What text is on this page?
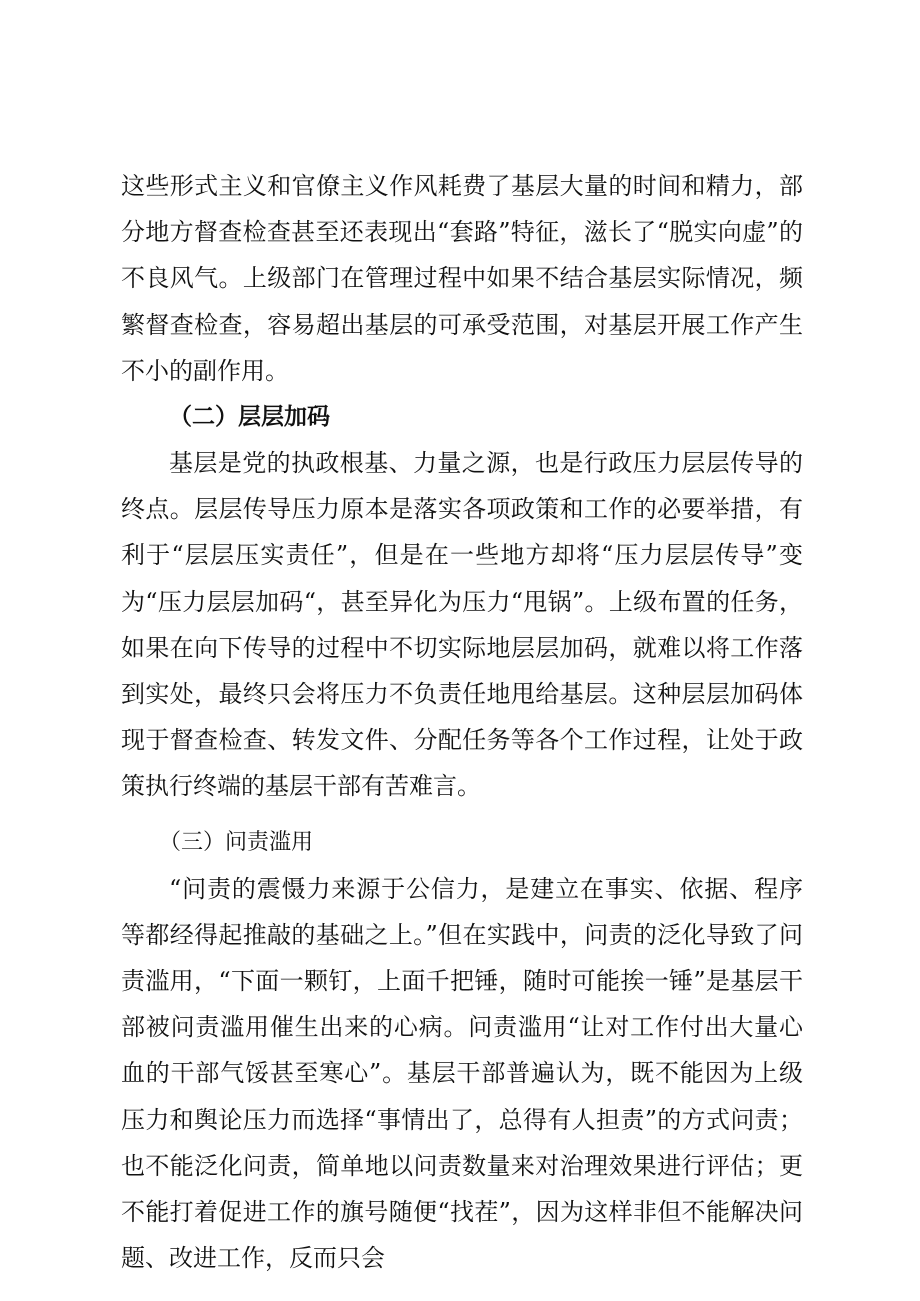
这些形式主义和官僚主义作风耗费了基层大量的时间和精力，部分地方督查检查甚至还表现出“套路”特征，滋长了“脱实向虚”的不良风气。上级部门在管理过程中如果不结合基层实际情况，频繁督查检查，容易超出基层的可承受范围，对基层开展工作产生不小的副作用。

（二）层层加码

基层是党的执政根基、力量之源，也是行政压力层层传导的终点。层层传导压力原本是落实各项政策和工作的必要举措，有利于“层层压实责任”，但是在一些地方却将“压力层层传导”变为“压力层层加码“，甚至异化为压力“甩锅”。上级布置的任务，如果在向下传导的过程中不切实际地层层加码，就难以将工作落到实处，最终只会将压力不负责任地甩给基层。这种层层加码体现于督查检查、转发文件、分配任务等各个工作过程，让处于政策执行终端的基层干部有苦难言。

（三）问责滥用

“问责的震慑力来源于公信力，是建立在事实、依据、程序等都经得起推敲的基础之上。”但在实践中，问责的泛化导致了问责滥用，“下面一颗钉，上面千把锤，随时可能挨一锤”是基层干部被问责滥用催生出来的心病。问责滥用“让对工作付出大量心血的干部气馁甚至寒心”。基层干部普遍认为，既不能因为上级压力和舆论压力而选择“事情出了，总得有人担责”的方式问责；也不能泛化问责，简单地以问责数量来对治理效果进行评估；更不能打着促进工作的旗号随便“找茬”，因为这样非但不能解决问题、改进工作，反而只会
